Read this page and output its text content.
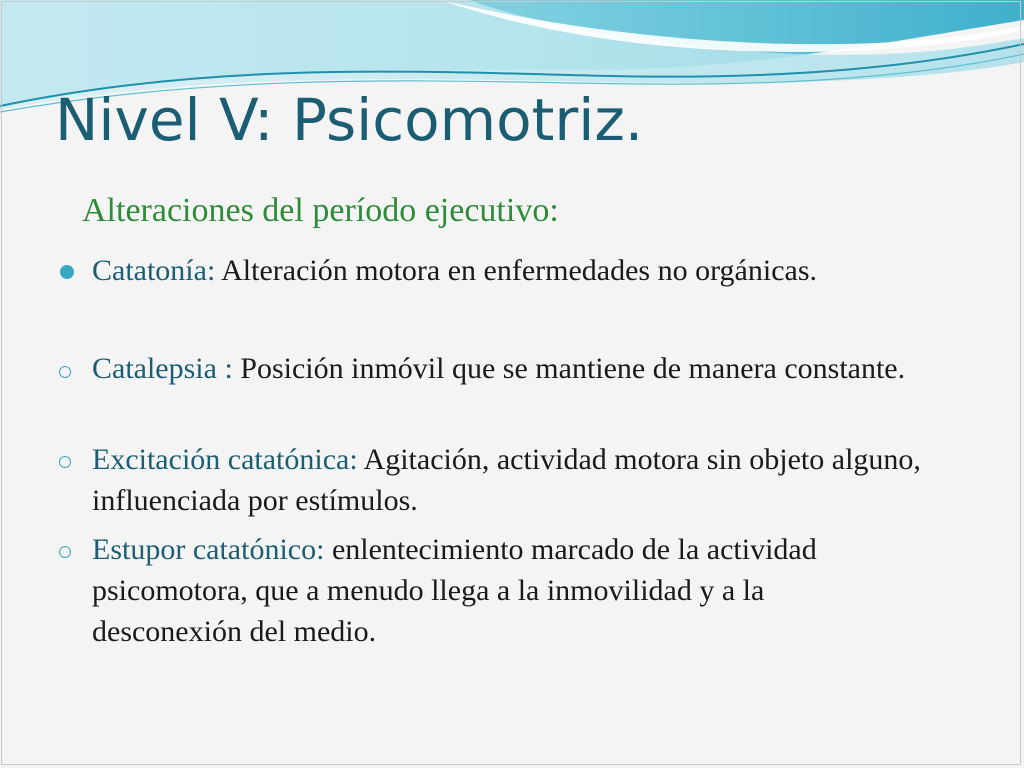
Nivel V: Psicomotriz.
Alteraciones del período ejecutivo:
Catatonía: Alteración motora en enfermedades no orgánicas.
Catalepsia : Posición inmóvil que se mantiene de manera constante.
Excitación catatónica: Agitación, actividad motora sin objeto alguno, influenciada por estímulos.
Estupor catatónico: enlentecimiento marcado de la actividad psicomotora, que a menudo llega a la inmovilidad y a la desconexión del medio.
